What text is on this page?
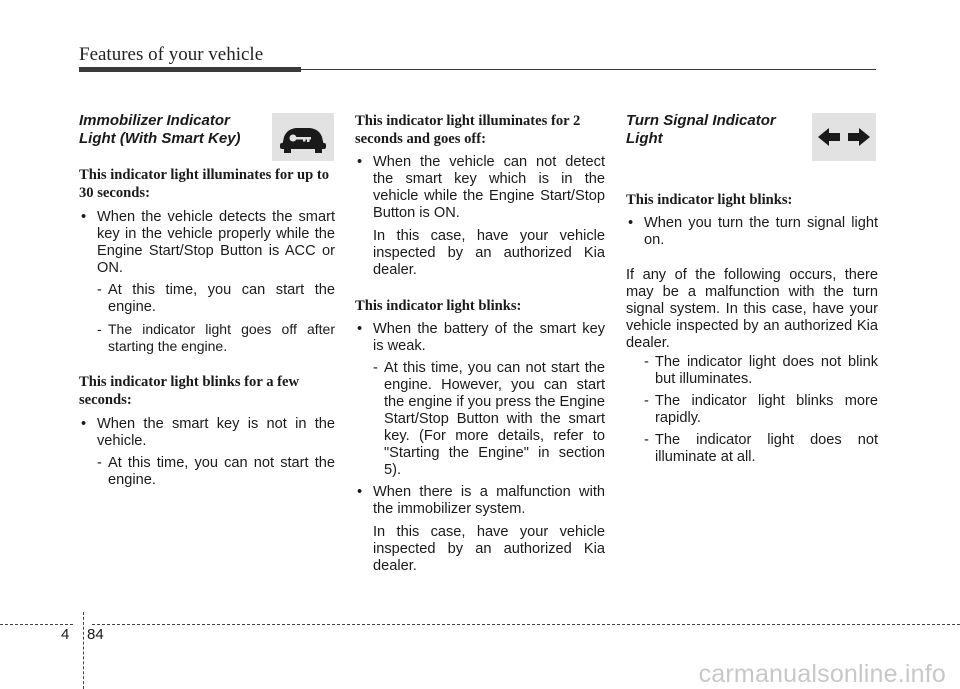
Features of your vehicle

Immobilizer Indicator
Light (With Smart Key)

This indicator light illuminates for up to 30 seconds:

• When the vehicle detects the smart key in the vehicle properly while the Engine Start/Stop Button is ACC or ON.

- At this time, you can start the engine.

- The indicator light goes off after starting the engine.

This indicator light blinks for a few seconds:

• When the smart key is not in the vehicle.

- At this time, you can not start the engine.

This indicator light illuminates for 2 seconds and goes off:

• When the vehicle can not detect the smart key which is in the vehicle while the Engine Start/Stop Button is ON.

In this case, have your vehicle inspected by an authorized Kia dealer.

This indicator light blinks:

• When the battery of the smart key is weak.

- At this time, you can not start the engine. However, you can start the engine if you press the Engine Start/Stop Button with the smart key. (For more details, refer to "Starting the Engine" in section 5).

• When there is a malfunction with the immobilizer system.

In this case, have your vehicle inspected by an authorized Kia dealer.

Turn Signal Indicator
Light

This indicator light blinks:

• When you turn the turn signal light on.

If any of the following occurs, there may be a malfunction with the turn signal system. In this case, have your vehicle inspected by an authorized Kia dealer.

- The indicator light does not blink but illuminates.

- The indicator light blinks more rapidly.

- The indicator light does not illuminate at all.

4 84
carmanualsonline.info
